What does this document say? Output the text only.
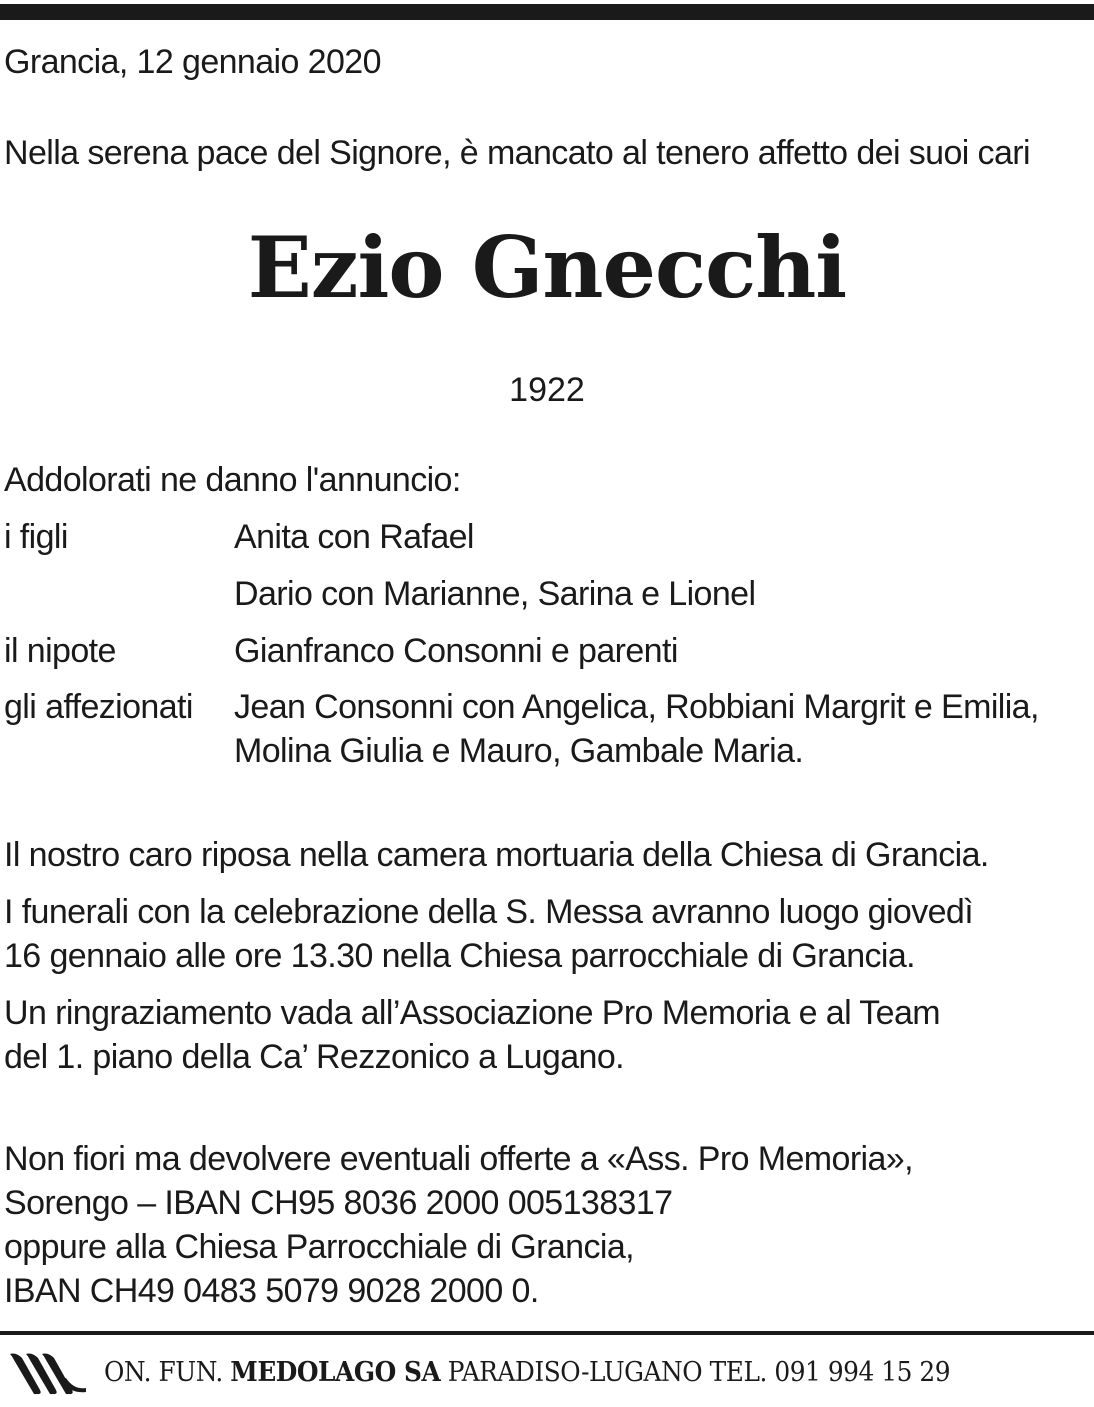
Grancia, 12 gennaio 2020
Nella serena pace del Signore, è mancato al tenero affetto dei suoi cari
Ezio Gnecchi
1922
Addolorati ne danno l'annuncio:
i figli	Anita con Rafael
Dario con Marianne, Sarina e Lionel
il nipote	Gianfranco Consonni e parenti
gli affezionati Jean Consonni con Angelica, Robbiani Margrit e Emilia,
Molina Giulia e Mauro, Gambale Maria.
Il nostro caro riposa nella camera mortuaria della Chiesa di Grancia.
I funerali con la celebrazione della S. Messa avranno luogo giovedì
16 gennaio alle ore 13.30 nella Chiesa parrocchiale di Grancia.
Un ringraziamento vada all’Associazione Pro Memoria e al Team
del 1. piano della Ca’ Rezzonico a Lugano.
Non fiori ma devolvere eventuali offerte a «Ass. Pro Memoria»,
Sorengo – IBAN CH95 8036 2000 005138317
oppure alla Chiesa Parrocchiale di Grancia,
IBAN CH49 0483 5079 9028 2000 0.
ON. FUN. MEDOLAGO SA PARADISO-LUGANO TEL. 091 994 15 29
